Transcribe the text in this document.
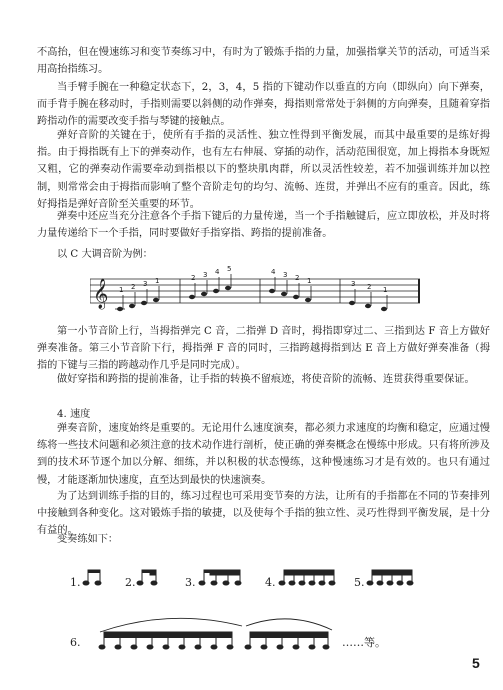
不高抬，但在慢速练习和变节奏练习中，有时为了锻炼手指的力量，加强指掌关节的活动，可适当采用高抬指练习。
当手臂手腕在一种稳定状态下，2，3，4，5 指的下键动作以垂直的方向（即纵向）向下弹奏，而手背手腕在移动时，手指则需要以斜侧的动作弹奏，拇指则常常处于斜侧的方向弹奏，且随着穿指跨指动作的需要改变手指与琴键的接触点。
弹好音阶的关键在于，使所有手指的灵活性、独立性得到平衡发展，而其中最重要的是练好拇指。由于拇指既有上下的弹奏动作，也有左右伸展、穿插的动作，活动范围很宽，加上拇指本身既短又粗，它的弹奏动作需要牵动到指根以下的整块肌肉群，所以灵活性较差，若不加强训练并加以控制，则常常会由于拇指而影响了整个音阶走句的均匀、流畅、连贯，并弹出不应有的重音。因此，练好拇指是弹好音阶至关重要的环节。
弹奏中还应当充分注意各个手指下键后的力量传递，当一个手指触键后，应立即放松，并及时将力量传递给下一个手指，同时要做好手指穿指、跨指的提前准备。
以 C 大调音阶为例：
𝄞 1 2 3 1	2 3 4 5	4 3 2 1	3 2 1
第一小节音阶上行，当拇指弹完 C 音，二指弹 D 音时，拇指即穿过二、三指到达 F 音上方做好弹奏准备。第三小节音阶下行，拇指弹 F 音的同时，三指跨越拇指到达 E 音上方做好弹奏准备（拇指的下键与三指的跨越动作几乎是同时完成）。
做好穿指和跨指的提前准备，让手指的转换不留痕迹，将使音阶的流畅、连贯获得重要保证。
4. 速度
弹奏音阶，速度始终是重要的。无论用什么速度演奏，都必须力求速度的均衡和稳定，应通过慢练将一些技术问题和必须注意的技术动作进行剖析，使正确的弹奏概念在慢练中形成。只有将所涉及到的技术环节逐个加以分解、细练，并以积极的状态慢练，这种慢速练习才是有效的。也只有通过慢，才能逐渐加快速度，直至达到最快的快速演奏。
为了达到训练手指的目的，练习过程也可采用变节奏的方法，让所有的手指都在不同的节奏排列中接触到各种变化。这对锻炼手指的敏捷，以及使每个手指的独立性、灵巧性得到平衡发展，是十分有益的。
变奏练如下：
1.	2.	3.	4.	5.
6.	……等。
5
